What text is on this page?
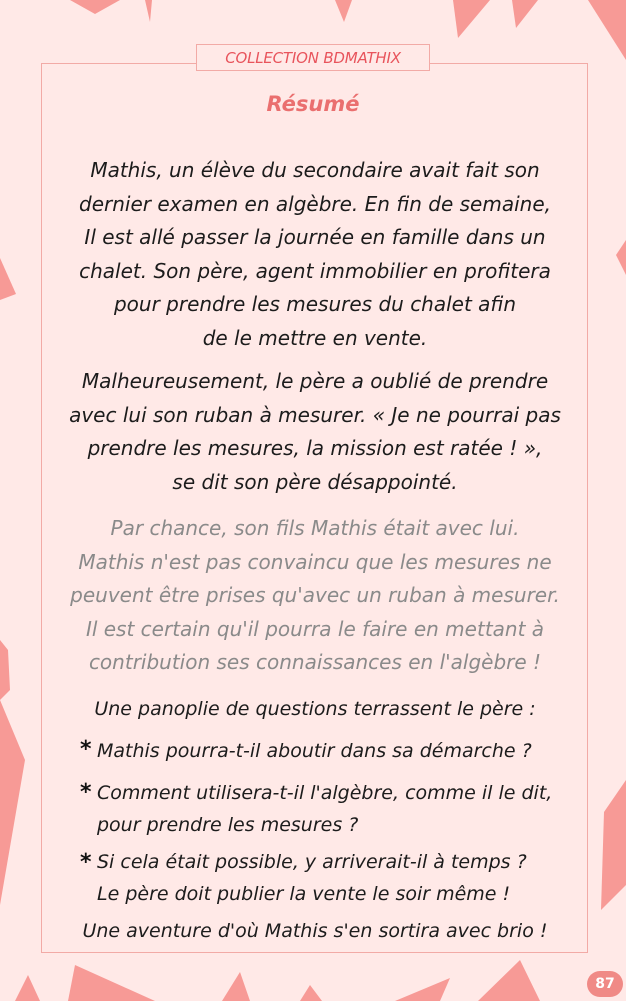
COLLECTION BDMATHIX
Résumé
Mathis, un élève du secondaire avait fait son
dernier examen en algèbre. En fin de semaine,
Il est allé passer la journée en famille dans un
chalet. Son père, agent immobilier en profitera
pour prendre les mesures du chalet afin
de le mettre en vente.
Malheureusement, le père a oublié de prendre
avec lui son ruban à mesurer. « Je ne pourrai pas
prendre les mesures, la mission est ratée ! »,
se dit son père désappointé.
Par chance, son fils Mathis était avec lui.
Mathis n'est pas convaincu que les mesures ne
peuvent être prises qu'avec un ruban à mesurer.
Il est certain qu'il pourra le faire en mettant à
contribution ses connaissances en l'algèbre !
Une panoplie de questions terrassent le père :
* Mathis pourra-t-il aboutir dans sa démarche ?
* Comment utilisera-t-il l'algèbre, comme il le dit,
pour prendre les mesures ?
* Si cela était possible, y arriverait-il à temps ?
Le père doit publier la vente le soir même !
Une aventure d'où Mathis s'en sortira avec brio !
87
